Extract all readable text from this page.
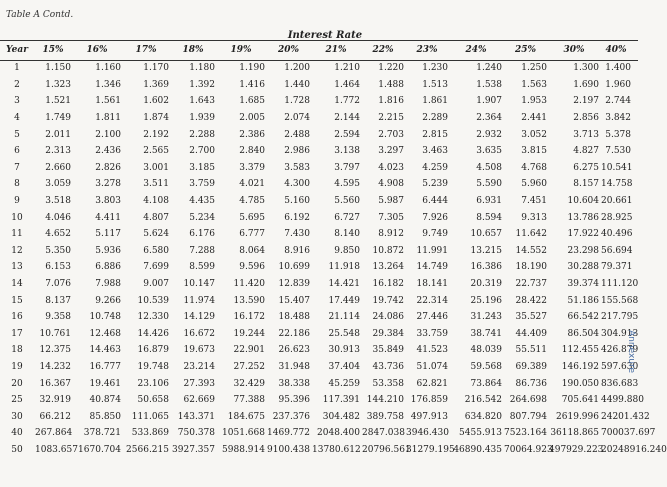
Table A Contd.
Interest Rate
Year	15%	16%	17%	18%	19%	20%	21%	22%	23%	24%	25%	30%	40%
1	1.150	1.160	1.170	1.180	1.190	1.200	1.210	1.220	1.230	1.240	1.250	1.300	1.400
2	1.323	1.346	1.369	1.392	1.416	1.440	1.464	1.488	1.513	1.538	1.563	1.690	1.960
3	1.521	1.561	1.602	1.643	1.685	1.728	1.772	1.816	1.861	1.907	1.953	2.197	2.744
4	1.749	1.811	1.874	1.939	2.005	2.074	2.144	2.215	2.289	2.364	2.441	2.856	3.842
5	2.011	2.100	2.192	2.288	2.386	2.488	2.594	2.703	2.815	2.932	3.052	3.713	5.378
6	2.313	2.436	2.565	2.700	2.840	2.986	3.138	3.297	3.463	3.635	3.815	4.827	7.530
7	2.660	2.826	3.001	3.185	3.379	3.583	3.797	4.023	4.259	4.508	4.768	6.275	10.541
8	3.059	3.278	3.511	3.759	4.021	4.300	4.595	4.908	5.239	5.590	5.960	8.157	14.758
9	3.518	3.803	4.108	4.435	4.785	5.160	5.560	5.987	6.444	6.931	7.451	10.604	20.661
10	4.046	4.411	4.807	5.234	5.695	6.192	6.727	7.305	7.926	8.594	9.313	13.786	28.925
11	4.652	5.117	5.624	6.176	6.777	7.430	8.140	8.912	9.749	10.657	11.642	17.922	40.496
12	5.350	5.936	6.580	7.288	8.064	8.916	9.850	10.872	11.991	13.215	14.552	23.298	56.694
13	6.153	6.886	7.699	8.599	9.596	10.699	11.918	13.264	14.749	16.386	18.190	30.288	79.371
14	7.076	7.988	9.007	10.147	11.420	12.839	14.421	16.182	18.141	20.319	22.737	39.374	111.120
15	8.137	9.266	10.539	11.974	13.590	15.407	17.449	19.742	22.314	25.196	28.422	51.186	155.568
16	9.358	10.748	12.330	14.129	16.172	18.488	21.114	24.086	27.446	31.243	35.527	66.542	217.795
17	10.761	12.468	14.426	16.672	19.244	22.186	25.548	29.384	33.759	38.741	44.409	86.504	304.913
18	12.375	14.463	16.879	19.673	22.901	26.623	30.913	35.849	41.523	48.039	55.511	112.455	426.879
19	14.232	16.777	19.748	23.214	27.252	31.948	37.404	43.736	51.074	59.568	69.389	146.192	597.630
20	16.367	19.461	23.106	27.393	32.429	38.338	45.259	53.358	62.821	73.864	86.736	190.050	836.683
25	32.919	40.874	50.658	62.669	77.388	95.396	117.391	144.210	176.859	216.542	264.698	705.641	4499.880
30	66.212	85.850	111.065	143.371	184.675	237.376	304.482	389.758	497.913	634.820	807.794	2619.996	24201.432
40	267.864	378.721	533.869	750.378	1051.668	1469.772	2048.400	2847.038	3946.430	5455.913	7523.164	36118.865	700037.697
50	1083.657	1670.704	2566.215	3927.357	5988.914	9100.438	13780.612	20796.561	31279.195	46890.435	70064.923	497929.223	20248916.240
Annexure
